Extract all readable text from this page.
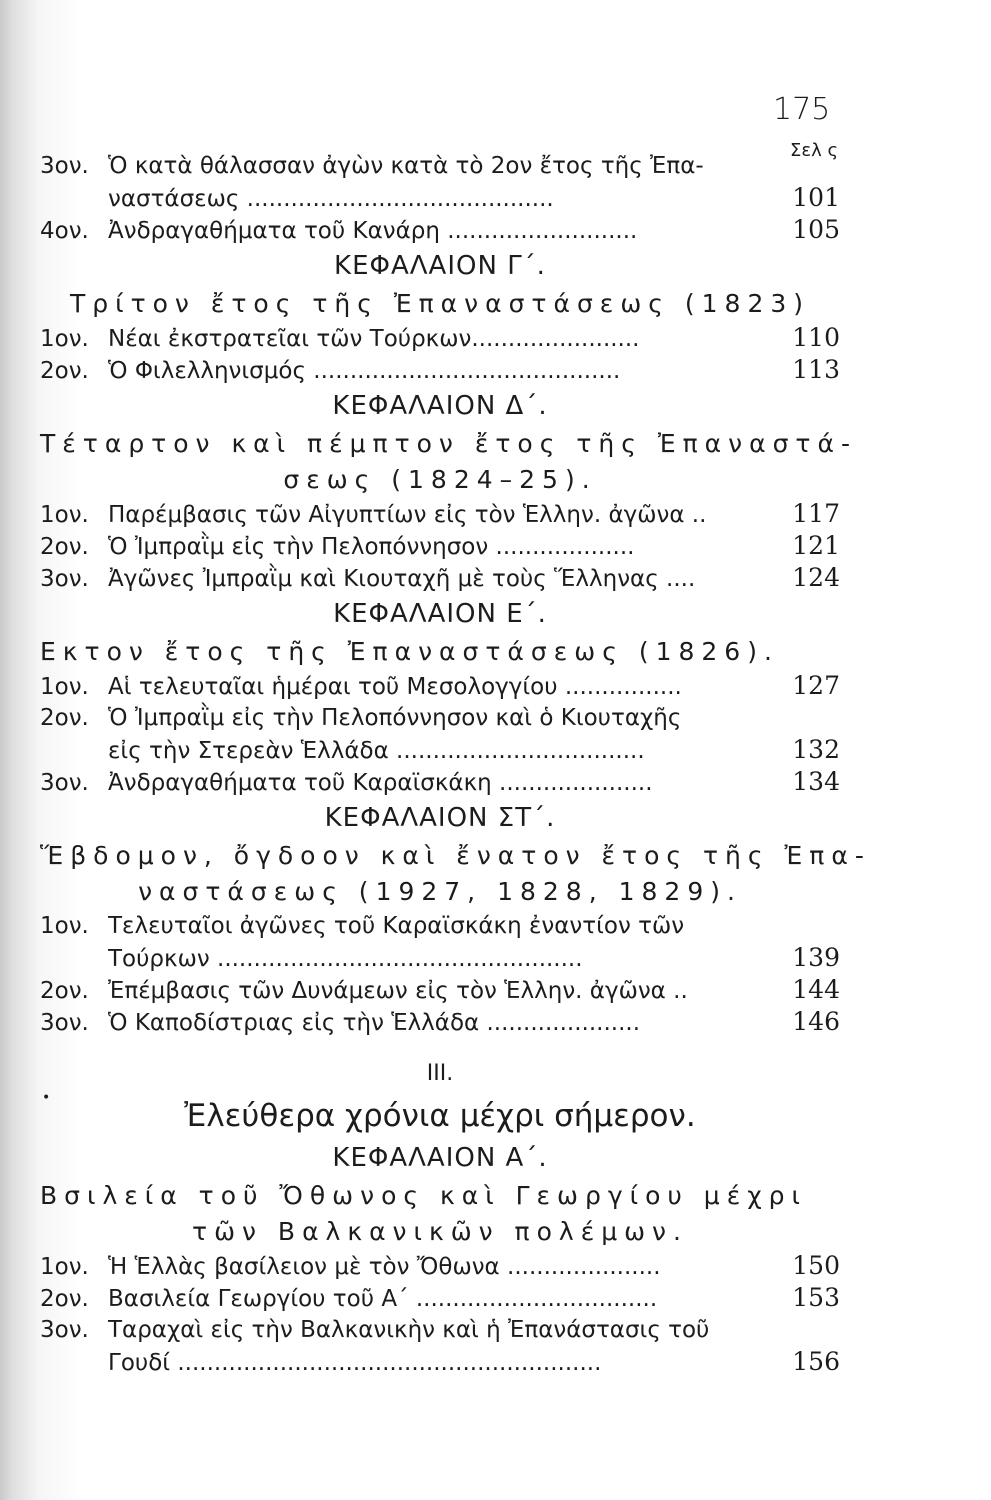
175
Σελ ς
•
3ον. Ὁ κατὰ θάλασσαν ἀγὼν κατὰ τὸ 2ον ἔτος τῆς Ἐπα-
ναστάσεως ..........................................	101
4ον. Ἀνδραγαθήματα τοῦ Κανάρη ..........................	105
ΚΕΦΑΛΑΙΟΝ Γ΄.
Τρίτον ἔτος τῆς Ἐπαναστάσεως (1823)
1ον. Νέαι ἐκστρατεῖαι τῶν Τούρκων.......................	110
2ον. Ὁ Φιλελληνισμός ..........................................	113
ΚΕΦΑΛΑΙΟΝ Δ΄.
Τέταρτον καὶ πέμπτον ἔτος τῆς Ἐπαναστά-
σεως (1824–25).
1ον. Παρέμβασις τῶν Αἰγυπτίων εἰς τὸν Ἑλλην. ἀγῶνα ..	117
2ον. Ὁ Ἰμπραῒμ εἰς τὴν Πελοπόννησον ...................	121
3ον. Ἀγῶνες Ἰμπραῒμ καὶ Κιουταχῆ μὲ τοὺς Ἕλληνας ....	124
ΚΕΦΑΛΑΙΟΝ Ε΄.
Εκτον ἔτος τῆς Ἐπαναστάσεως (1826).
1ον. Αἱ τελευταῖαι ἡμέραι τοῦ Μεσολογγίου ................	127
2ον. Ὁ Ἰμπραῒμ εἰς τὴν Πελοπόννησον καὶ ὁ Κιουταχῆς
εἰς τὴν Στερεὰν Ἑλλάδα ..................................	132
3ον. Ἀνδραγαθήματα τοῦ Καραϊσκάκη .....................	134
ΚΕΦΑΛΑΙΟΝ ΣΤ΄.
Ἕβδομον, ὄγδοον καὶ ἔνατον ἔτος τῆς Ἐπα-
ναστάσεως (1927, 1828, 1829).
1ον. Τελευταῖοι ἀγῶνες τοῦ Καραϊσκάκη ἐναντίον τῶν
Τούρκων ..................................................	139
2ον. Ἐπέμβασις τῶν Δυνάμεων εἰς τὸν Ἑλλην. ἀγῶνα ..	144
3ον. Ὁ Καποδίστριας εἰς τὴν Ἑλλάδα .....................	146
III.
Ἐλεύθερα χρόνια μέχρι σήμερον.
ΚΕΦΑΛΑΙΟΝ Α΄.
Βσιλεία τοῦ Ὄθωνος καὶ Γεωργίου μέχρι
τῶν Βαλκανικῶν πολέμων.
1ον. Ἡ Ἑλλὰς βασίλειον μὲ τὸν Ὄθωνα .....................	150
2ον. Βασιλεία Γεωργίου τοῦ Α΄ .................................	153
3ον. Ταραχαὶ εἰς τὴν Βαλκανικὴν καὶ ἡ Ἐπανάστασις τοῦ
Γουδί ..........................................................	156
